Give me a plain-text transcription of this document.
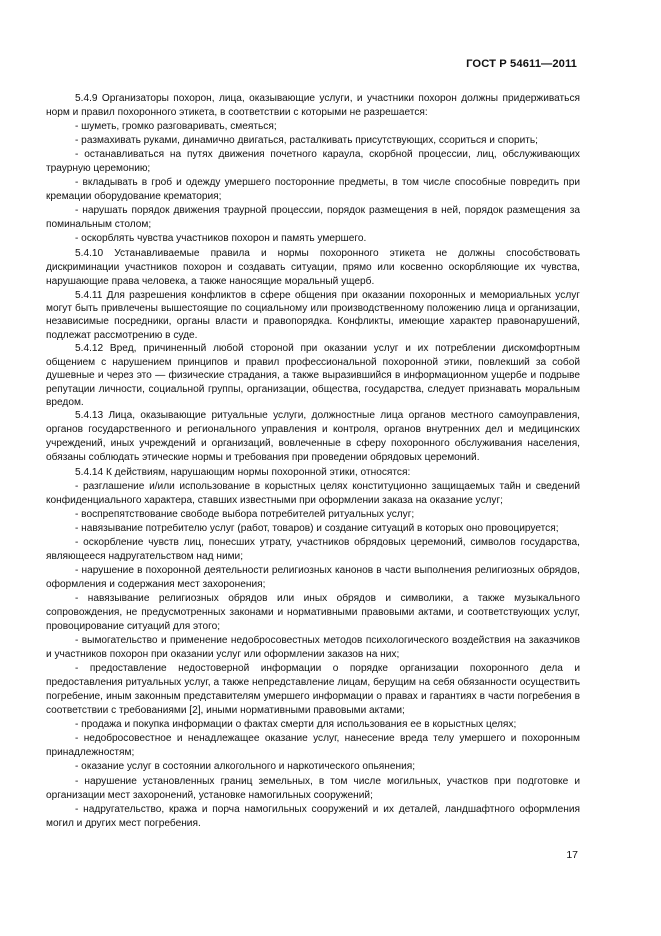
ГОСТ Р 54611—2011

5.4.9 Организаторы похорон, лица, оказывающие услуги, и участники похорон должны придерживаться норм и правил похоронного этикета, в соответствии с которыми не разрешается:

- шуметь, громко разговаривать, смеяться;

- размахивать руками, динамично двигаться, расталкивать присутствующих, ссориться и спорить;

- останавливаться на путях движения почетного караула, скорбной процессии, лиц, обслуживающих траурную церемонию;

- вкладывать в гроб и одежду умершего посторонние предметы, в том числе способные повредить при кремации оборудование крематория;

- нарушать порядок движения траурной процессии, порядок размещения в ней, порядок размещения за поминальным столом;

- оскорблять чувства участников похорон и память умершего.

5.4.10 Устанавливаемые правила и нормы похоронного этикета не должны способствовать дискриминации участников похорон и создавать ситуации, прямо или косвенно оскорбляющие их чувства, нарушающие права человека, а также наносящие моральный ущерб.

5.4.11 Для разрешения конфликтов в сфере общения при оказании похоронных и мемориальных услуг могут быть привлечены вышестоящие по социальному или производственному положению лица и организации, независимые посредники, органы власти и правопорядка. Конфликты, имеющие характер правонарушений, подлежат рассмотрению в суде.

5.4.12 Вред, причиненный любой стороной при оказании услуг и их потреблении дискомфортным общением с нарушением принципов и правил профессиональной похоронной этики, повлекший за собой душевные и через это — физические страдания, а также выразившийся в информационном ущербе и подрыве репутации личности, социальной группы, организации, общества, государства, следует признавать моральным вредом.

5.4.13 Лица, оказывающие ритуальные услуги, должностные лица органов местного самоуправления, органов государственного и регионального управления и контроля, органов внутренних дел и медицинских учреждений, иных учреждений и организаций, вовлеченные в сферу похоронного обслуживания населения, обязаны соблюдать этические нормы и требования при проведении обрядовых церемоний.

5.4.14 К действиям, нарушающим нормы похоронной этики, относятся:

- разглашение и/или использование в корыстных целях конституционно защищаемых тайн и сведений конфиденциального характера, ставших известными при оформлении заказа на оказание услуг;

- воспрепятствование свободе выбора потребителей ритуальных услуг;

- навязывание потребителю услуг (работ, товаров) и создание ситуаций в которых оно провоцируется;

- оскорбление чувств лиц, понесших утрату, участников обрядовых церемоний, символов государства, являющееся надругательством над ними;

- нарушение в похоронной деятельности религиозных канонов в части выполнения религиозных обрядов, оформления и содержания мест захоронения;

- навязывание религиозных обрядов или иных обрядов и символики, а также музыкального сопровождения, не предусмотренных законами и нормативными правовыми актами, и соответствующих услуг, провоцирование ситуаций для этого;

- вымогательство и применение недобросовестных методов психологического воздействия на заказчиков и участников похорон при оказании услуг или оформлении заказов на них;

- предоставление недостоверной информации о порядке организации похоронного дела и предоставления ритуальных услуг, а также непредставление лицам, берущим на себя обязанности осуществить погребение, иным законным представителям умершего информации о правах и гарантиях в части погребения в соответствии с требованиями [2], иными нормативными правовыми актами;

- продажа и покупка информации о фактах смерти для использования ее в корыстных целях;

- недобросовестное и ненадлежащее оказание услуг, нанесение вреда телу умершего и похоронным принадлежностям;

- оказание услуг в состоянии алкогольного и наркотического опьянения;

- нарушение установленных границ земельных, в том числе могильных, участков при подготовке и организации мест захоронений, установке намогильных сооружений;

- надругательство, кража и порча намогильных сооружений и их деталей, ландшафтного оформления могил и других мест погребения.

17
